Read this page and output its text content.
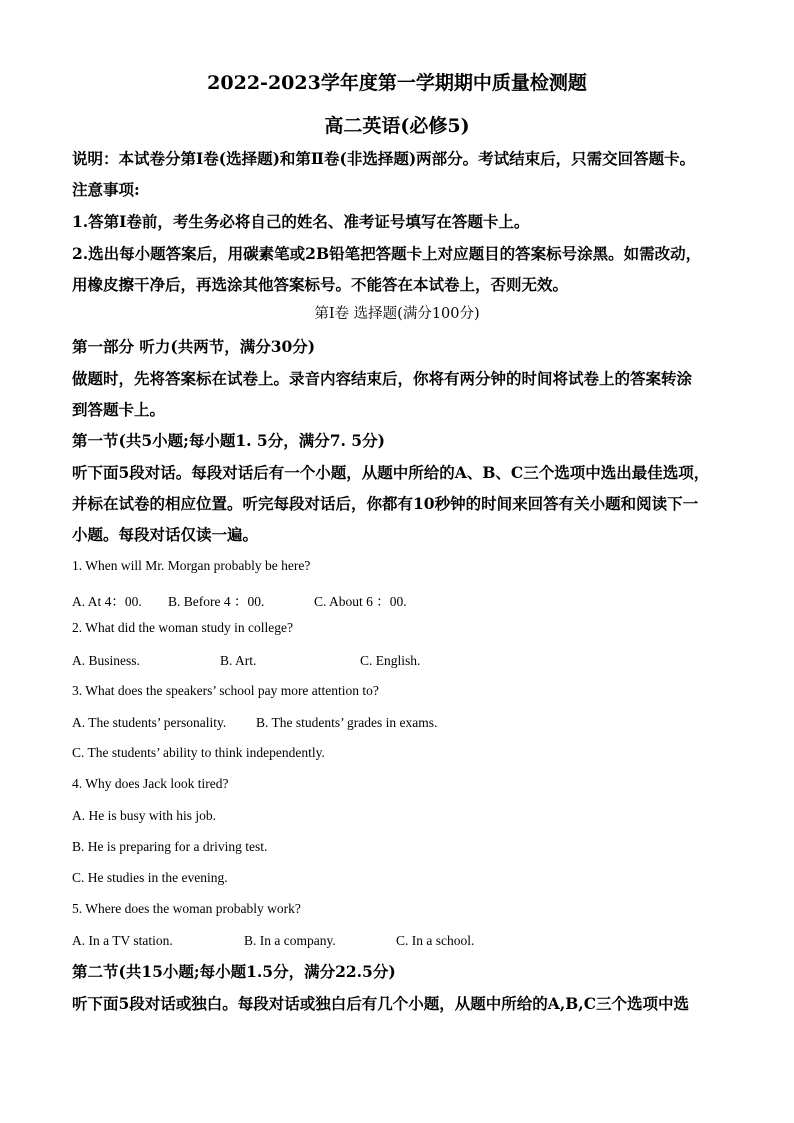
2022-2023学年度第一学期期中质量检测题
高二英语(必修5)
说明：本试卷分第Ⅰ卷(选择题)和第Ⅱ卷(非选择题)两部分。考试结束后，只需交回答题卡。
注意事项:
1.答第Ⅰ卷前，考生务必将自己的姓名、准考证号填写在答题卡上。
2.选出每小题答案后，用碳素笔或2B铅笔把答题卡上对应题目的答案标号涂黑。如需改动，
用橡皮擦干净后，再选涂其他答案标号。不能答在本试卷上，否则无效。
第Ⅰ卷 选择题(满分100分)
第一部分 听力(共两节，满分30分)
做题时，先将答案标在试卷上。录音内容结束后，你将有两分钟的时间将试卷上的答案转涂
到答题卡上。
第一节(共5小题;每小题1. 5分，满分7. 5分)
听下面5段对话。每段对话后有一个小题，从题中所给的A、B、C三个选项中选出最佳选项，
并标在试卷的相应位置。听完每段对话后，你都有10秒钟的时间来回答有关小题和阅读下一
小题。每段对话仅读一遍。
1. When will Mr. Morgan probably be here?
A. At 4：00. B. Before 4 ：00.	C. About 6 ：00.
2. What did the woman study in college?
A. Business.	B. Art.	C. English.
3. What does the speakers’ school pay more attention to?
A. The students’ personality. B. The students’ grades in exams.
C. The students’ ability to think independently.
4. Why does Jack look tired?
A. He is busy with his job.
B. He is preparing for a driving test.
C. He studies in the evening.
5. Where does the woman probably work?
A. In a TV station.	B. In a company.	C. In a school.
第二节(共15小题;每小题1.5分，满分22.5分)
听下面5段对话或独白。每段对话或独白后有几个小题，从题中所给的A,B,C三个选项中选
